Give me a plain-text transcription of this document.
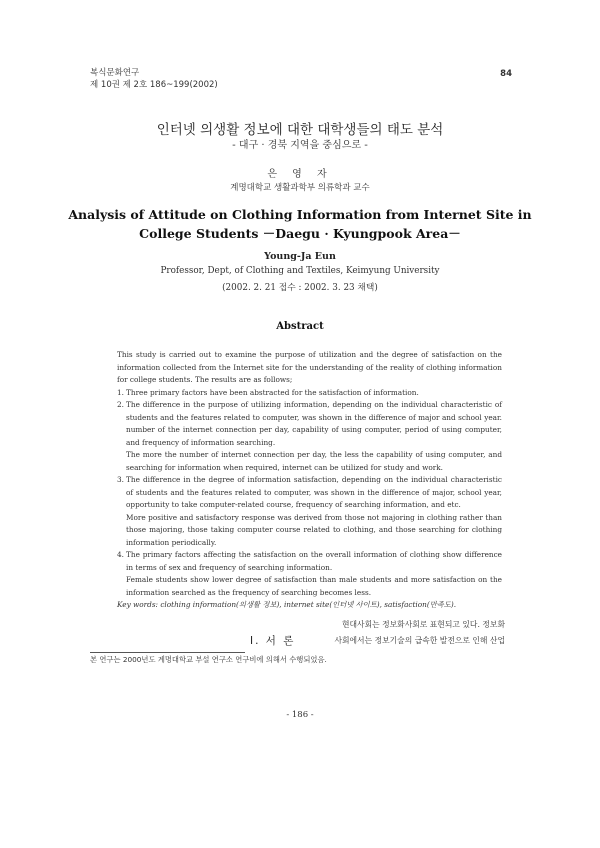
복식문화연구
제 10권 제 2호 186~199(2002)
84
인터넷 의생활 정보에 대한 대학생들의 태도 분석
- 대구 · 경북 지역을 중심으로 -
은 영 자
계명대학교 생활과학부 의류학과 교수
Analysis of Attitude on Clothing Information from Internet Site in
College Students －Daegu · Kyungpook Area－
Young-Ja Eun
Professor, Dept, of Clothing and Textiles, Keimyung University
(2002. 2. 21 접수 : 2002. 3. 23 채택)
Abstract

This study is carried out to examine the purpose of utilization and the degree of satisfaction on the information collected from the Internet site for the understanding of the reality of clothing information for college students. The results are as follows;

1. Three primary factors have been abstracted for the satisfaction of information.

2. The difference in the purpose of utilizing information, depending on the individual characteristic of students and the features related to computer, was shown in the difference of major and school year. number of the internet connection per day, capability of using computer, period of using computer, and frequency of information searching.

The more the number of internet connection per day, the less the capability of using computer, and searching for information when required, internet can be utilized for study and work.

3. The difference in the degree of information satisfaction, depending on the individual characteristic of students and the features related to computer, was shown in the difference of major, school year, opportunity to take computer-related course, frequency of searching information, and etc.

More positive and satisfactory response was derived from those not majoring in clothing rather than those majoring, those taking computer course related to clothing, and those searching for clothing information periodically.

4. The primary factors affecting the satisfaction on the overall information of clothing show difference in terms of sex and frequency of searching information.

Female students show lower degree of satisfaction than male students and more satisfaction on the information searched as the frequency of searching becomes less.

Key words: clothing information(의생활 정보), internet site(인터넷 사이트), satisfaction(만족도).

현대사회는 정보화사회로 표현되고 있다. 정보화
사회에서는 정보기술의 급속한 발전으로 인해 산업
Ⅰ. 서 론
본 연구는 2000년도 계명대학교 부설 연구소 연구비에 의해서 수행되었음.
- 186 -
